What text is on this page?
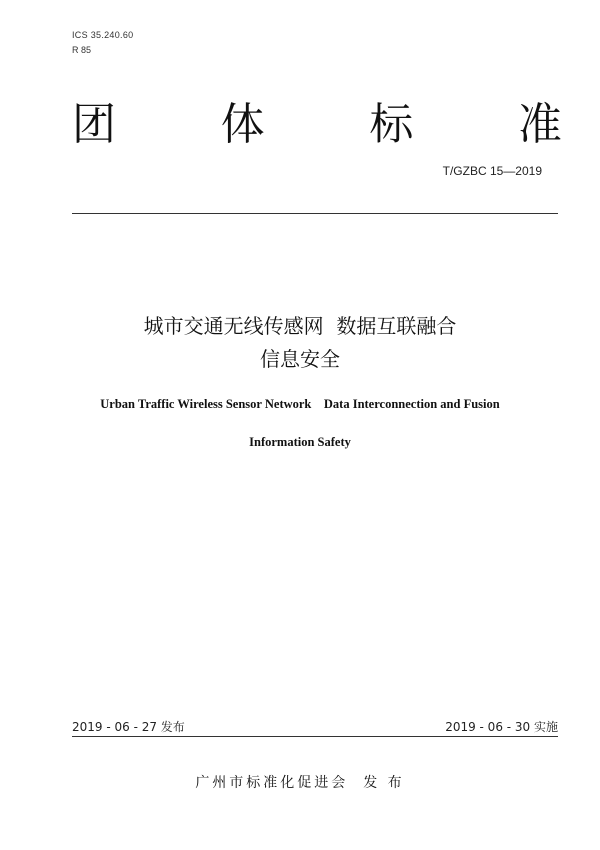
ICS 35.240.60
R 85
团 体 标 准
T/GZBC 15—2019
城市交通无线传感网  数据互联融合
信息安全
Urban Traffic Wireless Sensor Network    Data Interconnection and Fusion
Information Safety
2019 - 06 - 27 发布	2019 - 06 - 30 实施
广州市标准化促进会  发 布
